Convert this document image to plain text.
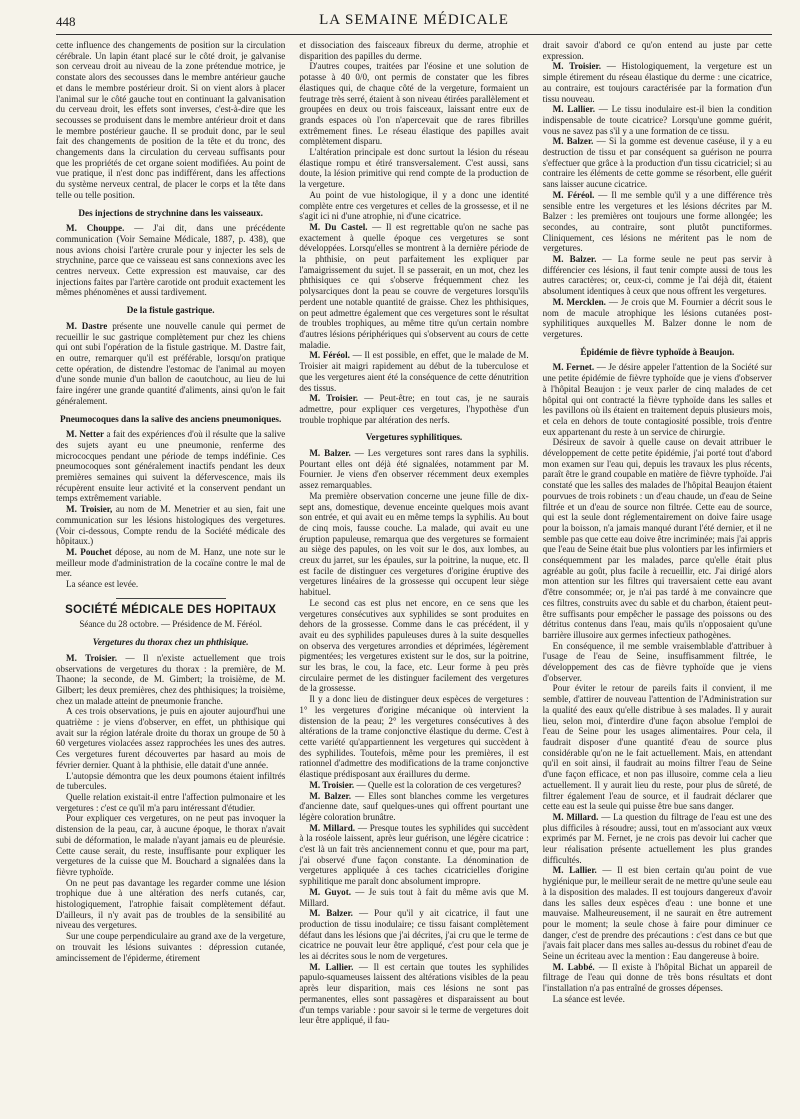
448	LA SEMAINE MÉDICALE

cette influence des changements de position sur la circulation cérébrale. Un lapin étant placé sur le côté droit, je galvanise son cerveau droit au niveau de la zone prétendue motrice, je constate alors des secousses dans le membre antérieur gauche et dans le membre postérieur droit. Si on vient alors à placer l'animal sur le côté gauche tout en continuant la galvanisation du cerveau droit, les effets sont inverses, c'est-à-dire que les secousses se produisent dans le membre antérieur droit et dans le membre postérieur gauche. Il se produit donc, par le seul fait des changements de position de la tête et du tronc, des changements dans la circulation du cerveau suffisants pour que les propriétés de cet organe soient modifiées. Au point de vue pratique, il n'est donc pas indifférent, dans les affections du système nerveux central, de placer le corps et la tête dans telle ou telle position.

Des injections de strychnine dans les vaisseaux.

M. Chouppe. — J'ai dit, dans une précédente communication (Voir Semaine Médicale, 1887, p. 438), que nous avions choisi l'artère crurale pour y injecter les sels de strychnine, parce que ce vaisseau est sans connexions avec les centres nerveux. Cette expression est mauvaise, car des injections faites par l'artère carotide ont produit exactement les mêmes phénomènes et aussi tardivement.

De la fistule gastrique.

M. Dastre présente une nouvelle canule qui permet de recueillir le suc gastrique complètement pur chez les chiens qui ont subi l'opération de la fistule gastrique. M. Dastre fait, en outre, remarquer qu'il est préférable, lorsqu'on pratique cette opération, de distendre l'estomac de l'animal au moyen d'une sonde munie d'un ballon de caoutchouc, au lieu de lui faire ingérer une grande quantité d'aliments, ainsi qu'on le fait généralement.

Pneumocoques dans la salive des anciens pneumoniques.

M. Netter a fait des expériences d'où il résulte que la salive des sujets ayant eu une pneumonie, renferme des micrococques pendant une période de temps indéfinie. Ces pneumocoques sont généralement inactifs pendant les deux premières semaines qui suivent la défervescence, mais ils récupèrent ensuite leur activité et la conservent pendant un temps extrêmement variable.

M. Troisier, au nom de M. Menetrier et au sien, fait une communication sur les lésions histologiques des vergetures. (Voir ci-dessous, Compte rendu de la Société médicale des hôpitaux.)

M. Pouchet dépose, au nom de M. Hanz, une note sur le meilleur mode d'administration de la cocaïne contre le mal de mer.

La séance est levée.

SOCIÉTÉ MÉDICALE DES HOPITAUX
Séance du 28 octobre. — Présidence de M. Féréol.
Vergetures du thorax chez un phthisique.

M. Troisier. — Il n'existe actuellement que trois observations de vergetures du thorax : la première, de M. Thaone; la seconde, de M. Gimbert; la troisième, de M. Gilbert; les deux premières, chez des phthisiques; la troisième, chez un malade atteint de pneumonie franche.

A ces trois observations, je puis en ajouter aujourd'hui une quatrième : je viens d'observer, en effet, un phthisique qui avait sur la région latérale droite du thorax un groupe de 50 à 60 vergetures violacées assez rapprochées les unes des autres. Ces vergetures furent découvertes par hasard au mois de février dernier. Quant à la phthisie, elle datait d'une année.

L'autopsie démontra que les deux poumons étaient infiltrés de tubercules.

Quelle relation existait-il entre l'affection pulmonaire et les vergetures : c'est ce qu'il m'a paru intéressant d'étudier.

Pour expliquer ces vergetures, on ne peut pas invoquer la distension de la peau, car, à aucune époque, le thorax n'avait subi de déformation, le malade n'ayant jamais eu de pleurésie. Cette cause serait, du reste, insuffisante pour expliquer les vergetures de la cuisse que M. Bouchard a signalées dans la fièvre typhoïde.

On ne peut pas davantage les regarder comme une lésion trophique due à une altération des nerfs cutanés, car, histologiquement, l'atrophie faisait complètement défaut. D'ailleurs, il n'y avait pas de troubles de la sensibilité au niveau des vergetures.

Sur une coupe perpendiculaire au grand axe de la vergeture, on trouvait les lésions suivantes : dépression cutanée, amincissement de l'épiderme, étirement

et dissociation des faisceaux fibreux du derme, atrophie et disparition des papilles du derme.

D'autres coupes, traitées par l'éosine et une solution de potasse à 40 0/0, ont permis de constater que les fibres élastiques qui, de chaque côté de la vergeture, formaient un feutrage très serré, étaient à son niveau étirées parallèlement et groupées en deux ou trois faisceaux, laissant entre eux de grands espaces où l'on n'apercevait que de rares fibrilles extrêmement fines. Le réseau élastique des papilles avait complètement disparu.

L'altération principale est donc surtout la lésion du réseau élastique rompu et étiré transversalement. C'est aussi, sans doute, la lésion primitive qui rend compte de la production de la vergeture.

Au point de vue histologique, il y a donc une identité complète entre ces vergetures et celles de la grossesse, et il ne s'agit ici ni d'une atrophie, ni d'une cicatrice.

M. Du Castel. — Il est regrettable qu'on ne sache pas exactement à quelle époque ces vergetures se sont développées. Lorsqu'elles se montrent à la dernière période de la phthisie, on peut parfaitement les expliquer par l'amaigrissement du sujet. Il se passerait, en un mot, chez les phthisiques ce qui s'observe fréquemment chez les polysarciques dont la peau se couvre de vergetures lorsqu'ils perdent une notable quantité de graisse. Chez les phthisiques, on peut admettre également que ces vergetures sont le résultat de troubles trophiques, au même titre qu'un certain nombre d'autres lésions périphériques qui s'observent au cours de cette maladie.

M. Féréol. — Il est possible, en effet, que le malade de M. Troisier ait maigri rapidement au début de la tuberculose et que les vergetures aient été la conséquence de cette dénutrition des tissus.

M. Troisier. — Peut-être; en tout cas, je ne saurais admettre, pour expliquer ces vergetures, l'hypothèse d'un trouble trophique par altération des nerfs.

Vergetures syphilitiques.

M. Balzer. — Les vergetures sont rares dans la syphilis. Pourtant elles ont déjà été signalées, notamment par M. Fournier. Je viens d'en observer récemment deux exemples assez remarquables.

Ma première observation concerne une jeune fille de dix-sept ans, domestique, devenue enceinte quelques mois avant son entrée, et qui avait eu en même temps la syphilis. Au bout de cinq mois, fausse couche. La malade, qui avait eu une éruption papuleuse, remarqua que des vergetures se formaient au siège des papules, on les voit sur le dos, aux lombes, au creux du jarret, sur les épaules, sur la poitrine, la nuque, etc. Il est facile de distinguer ces vergetures d'origine éruptive des vergetures linéaires de la grossesse qui occupent leur siège habituel.

Le second cas est plus net encore, en ce sens que les vergetures consécutives aux syphilides se sont produites en dehors de la grossesse. Comme dans le cas précédent, il y avait eu des syphilides papuleuses dures à la suite desquelles on observa des vergetures arrondies et déprimées, légèrement pigmentées; les vergetures existent sur le dos, sur la poitrine, sur les bras, le cou, la face, etc. Leur forme à peu près circulaire permet de les distinguer facilement des vergetures de la grossesse.

Il y a donc lieu de distinguer deux espèces de vergetures : 1° les vergetures d'origine mécanique où intervient la distension de la peau; 2° les vergetures consécutives à des altérations de la trame conjonctive élastique du derme. C'est à cette variété qu'appartiennent les vergetures qui succèdent à des syphilides. Toutefois, même pour les premières, il est rationnel d'admettre des modifications de la trame conjonctive élastique prédisposant aux éraillures du derme.

M. Troisier. — Quelle est la coloration de ces vergetures?

M. Balzer. — Elles sont blanches comme les vergetures d'ancienne date, sauf quelques-unes qui offrent pourtant une légère coloration brunâtre.

M. Millard. — Presque toutes les syphilides qui succèdent à la roséole laissent, après leur guérison, une légère cicatrice : c'est là un fait très anciennement connu et que, pour ma part, j'ai observé d'une façon constante. La dénomination de vergetures appliquée à ces taches cicatricielles d'origine syphilitique me paraît donc absolument impropre.

M. Guyot. — Je suis tout à fait du même avis que M. Millard.

M. Balzer. — Pour qu'il y ait cicatrice, il faut une production de tissu inodulaire; ce tissu faisant complètement défaut dans les lésions que j'ai décrites, j'ai cru que le terme de cicatrice ne pouvait leur être appliqué, c'est pour cela que je les ai décrites sous le nom de vergetures.

M. Lallier. — Il est certain que toutes les syphilides papulo-squameuses laissent des altérations visibles de la peau après leur disparition, mais ces lésions ne sont pas permanentes, elles sont passagères et disparaissent au bout d'un temps variable : pour savoir si le terme de vergetures doit leur être appliqué, il fau-

drait savoir d'abord ce qu'on entend au juste par cette expression.

M. Troisier. — Histologiquement, la vergeture est un simple étirement du réseau élastique du derme : une cicatrice, au contraire, est toujours caractérisée par la formation d'un tissu nouveau.

M. Lallier. — Le tissu inodulaire est-il bien la condition indispensable de toute cicatrice? Lorsqu'une gomme guérit, vous ne savez pas s'il y a une formation de ce tissu.

M. Balzer. — Si la gomme est devenue caséuse, il y a eu destruction de tissu et par conséquent sa guérison ne pourra s'effectuer que grâce à la production d'un tissu cicatriciel; si au contraire les éléments de cette gomme se résorbent, elle guérit sans laisser aucune cicatrice.

M. Féréol. — Il me semble qu'il y a une différence très sensible entre les vergetures et les lésions décrites par M. Balzer : les premières ont toujours une forme allongée; les secondes, au contraire, sont plutôt punctiformes. Cliniquement, ces lésions ne méritent pas le nom de vergetures.

M. Balzer. — La forme seule ne peut pas servir à différencier ces lésions, il faut tenir compte aussi de tous les autres caractères; or, ceux-ci, comme je l'ai déjà dit, étaient absolument identiques à ceux que nous offrent les vergetures.

M. Mercklen. — Je crois que M. Fournier a décrit sous le nom de macule atrophique les lésions cutanées post-syphilitiques auxquelles M. Balzer donne le nom de vergetures.

Épidémie de fièvre typhoïde à Beaujon.

M. Fernet. — Je désire appeler l'attention de la Société sur une petite épidémie de fièvre typhoïde que je viens d'observer à l'hôpital Beaujon : je veux parler de cinq malades de cet hôpital qui ont contracté la fièvre typhoïde dans les salles et les pavillons où ils étaient en traitement depuis plusieurs mois, et cela en dehors de toute contagiosité possible, trois d'entre eux appartenant du reste à un service de chirurgie.

Désireux de savoir à quelle cause on devait attribuer le développement de cette petite épidémie, j'ai porté tout d'abord mon examen sur l'eau qui, depuis les travaux les plus récents, paraît être le grand coupable en matière de fièvre typhoïde. J'ai constaté que les salles des malades de l'hôpital Beaujon étaient pourvues de trois robinets : un d'eau chaude, un d'eau de Seine filtrée et un d'eau de source non filtrée. Cette eau de source, qui est la seule dont réglementairement on doive faire usage pour la boisson, n'a jamais manqué durant l'été dernier, et il ne semble pas que cette eau doive être incriminée; mais j'ai appris que l'eau de Seine était bue plus volontiers par les infirmiers et conséquemment par les malades, parce qu'elle était plus agréable au goût, plus facile à recueillir, etc. J'ai dirigé alors mon attention sur les filtres qui traversaient cette eau avant d'être consommée; or, je n'ai pas tardé à me convaincre que ces filtres, construits avec du sable et du charbon, étaient peut-être suffisants pour empêcher le passage des poissons ou des détritus contenus dans l'eau, mais qu'ils n'opposaient qu'une barrière illusoire aux germes infectieux pathogènes.

En conséquence, il me semble vraisemblable d'attribuer à l'usage de l'eau de Seine, insuffisamment filtrée, le développement des cas de fièvre typhoïde que je viens d'observer.

Pour éviter le retour de pareils faits il convient, il me semble, d'attirer de nouveau l'attention de l'Administration sur la qualité des eaux qu'elle distribue à ses malades. Il y aurait lieu, selon moi, d'interdire d'une façon absolue l'emploi de l'eau de Seine pour les usages alimentaires. Pour cela, il faudrait disposer d'une quantité d'eau de source plus considérable qu'on ne le fait actuellement. Mais, en attendant qu'il en soit ainsi, il faudrait au moins filtrer l'eau de Seine d'une façon efficace, et non pas illusoire, comme cela a lieu actuellement. Il y aurait lieu du reste, pour plus de sûreté, de filtrer également l'eau de source, et il faudrait déclarer que cette eau est la seule qui puisse être bue sans danger.

M. Millard. — La question du filtrage de l'eau est une des plus difficiles à résoudre; aussi, tout en m'associant aux vœux exprimés par M. Fernet, je ne crois pas devoir lui cacher que leur réalisation présente actuellement les plus grandes difficultés.

M. Lallier. — Il est bien certain qu'au point de vue hygiénique pur, le meilleur serait de ne mettre qu'une seule eau à la disposition des malades. Il est toujours dangereux d'avoir dans les salles deux espèces d'eau : une bonne et une mauvaise. Malheureusement, il ne saurait en être autrement pour le moment; la seule chose à faire pour diminuer ce danger, c'est de prendre des précautions : c'est dans ce but que j'avais fait placer dans mes salles au-dessus du robinet d'eau de Seine un écriteau avec la mention : Eau dangereuse à boire.

M. Labbé. — Il existe à l'hôpital Bichat un appareil de filtrage de l'eau qui donne de très bons résultats et dont l'installation n'a pas entraîné de grosses dépenses.

La séance est levée.
